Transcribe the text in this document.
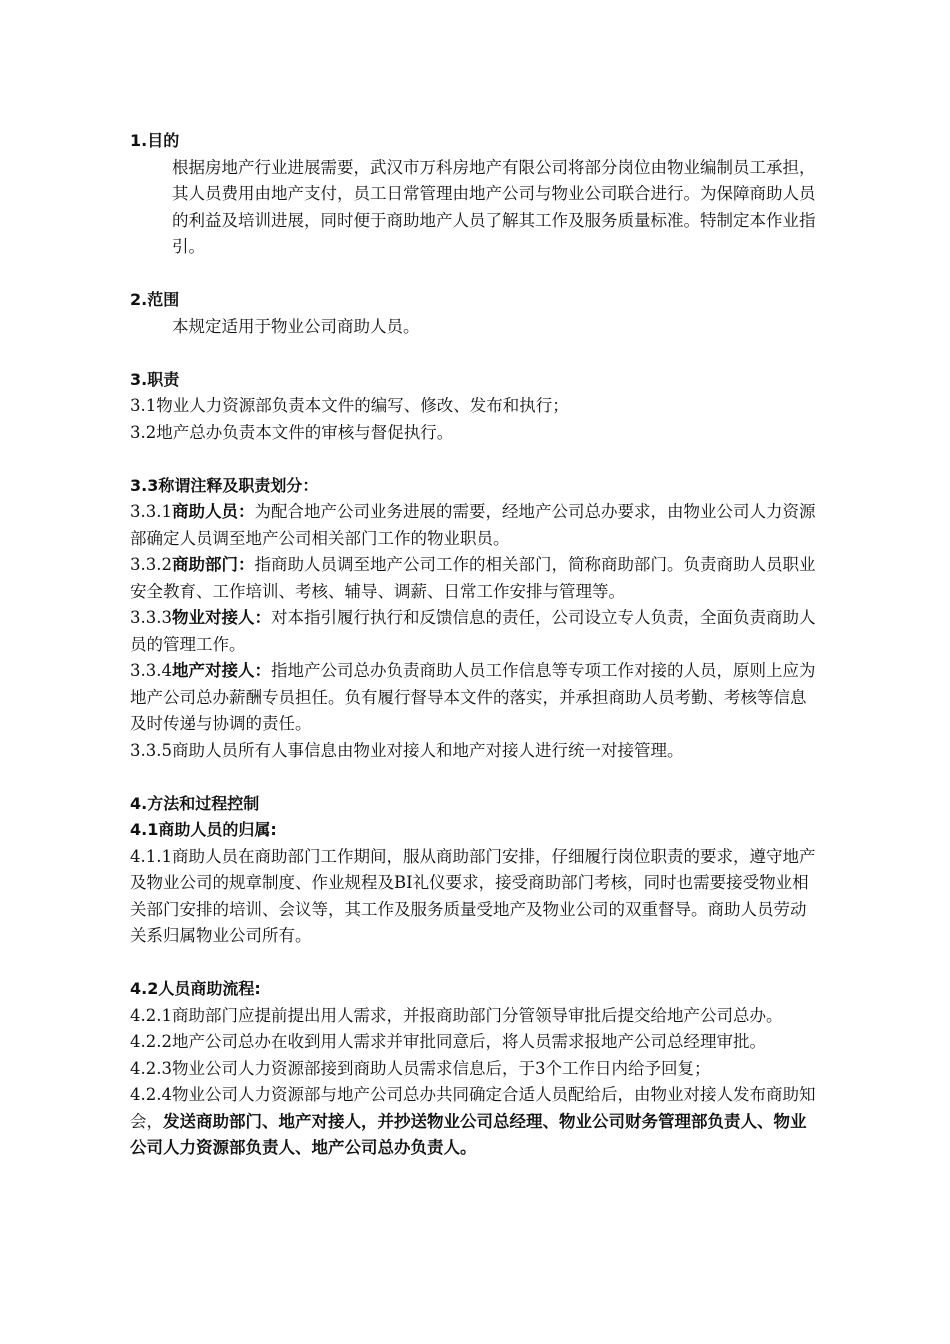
1.目的

根据房地产行业进展需要，武汉市万科房地产有限公司将部分岗位由物业编制员工承担，其人员费用由地产支付，员工日常管理由地产公司与物业公司联合进行。为保障商助人员的利益及培训进展，同时便于商助地产人员了解其工作及服务质量标准。特制定本作业指引。

2.范围

本规定适用于物业公司商助人员。

3.职责

3.1物业人力资源部负责本文件的编写、修改、发布和执行；

3.2地产总办负责本文件的审核与督促执行。

3.3称谓注释及职责划分：

3.3.1商助人员：为配合地产公司业务进展的需要，经地产公司总办要求，由物业公司人力资源部确定人员调至地产公司相关部门工作的物业职员。

3.3.2商助部门：指商助人员调至地产公司工作的相关部门，简称商助部门。负责商助人员职业安全教育、工作培训、考核、辅导、调薪、日常工作安排与管理等。

3.3.3物业对接人：对本指引履行执行和反馈信息的责任，公司设立专人负责，全面负责商助人员的管理工作。

3.3.4地产对接人：指地产公司总办负责商助人员工作信息等专项工作对接的人员，原则上应为地产公司总办薪酬专员担任。负有履行督导本文件的落实，并承担商助人员考勤、考核等信息及时传递与协调的责任。

3.3.5商助人员所有人事信息由物业对接人和地产对接人进行统一对接管理。

4.方法和过程控制

4.1商助人员的归属:

4.1.1商助人员在商助部门工作期间，服从商助部门安排，仔细履行岗位职责的要求，遵守地产及物业公司的规章制度、作业规程及BI礼仪要求，接受商助部门考核，同时也需要接受物业相关部门安排的培训、会议等，其工作及服务质量受地产及物业公司的双重督导。商助人员劳动关系归属物业公司所有。

4.2人员商助流程:

4.2.1商助部门应提前提出用人需求，并报商助部门分管领导审批后提交给地产公司总办。

4.2.2地产公司总办在收到用人需求并审批同意后，将人员需求报地产公司总经理审批。

4.2.3物业公司人力资源部接到商助人员需求信息后，于3个工作日内给予回复；

4.2.4物业公司人力资源部与地产公司总办共同确定合适人员配给后，由物业对接人发布商助知会，发送商助部门、地产对接人，并抄送物业公司总经理、物业公司财务管理部负责人、物业公司人力资源部负责人、地产公司总办负责人。
